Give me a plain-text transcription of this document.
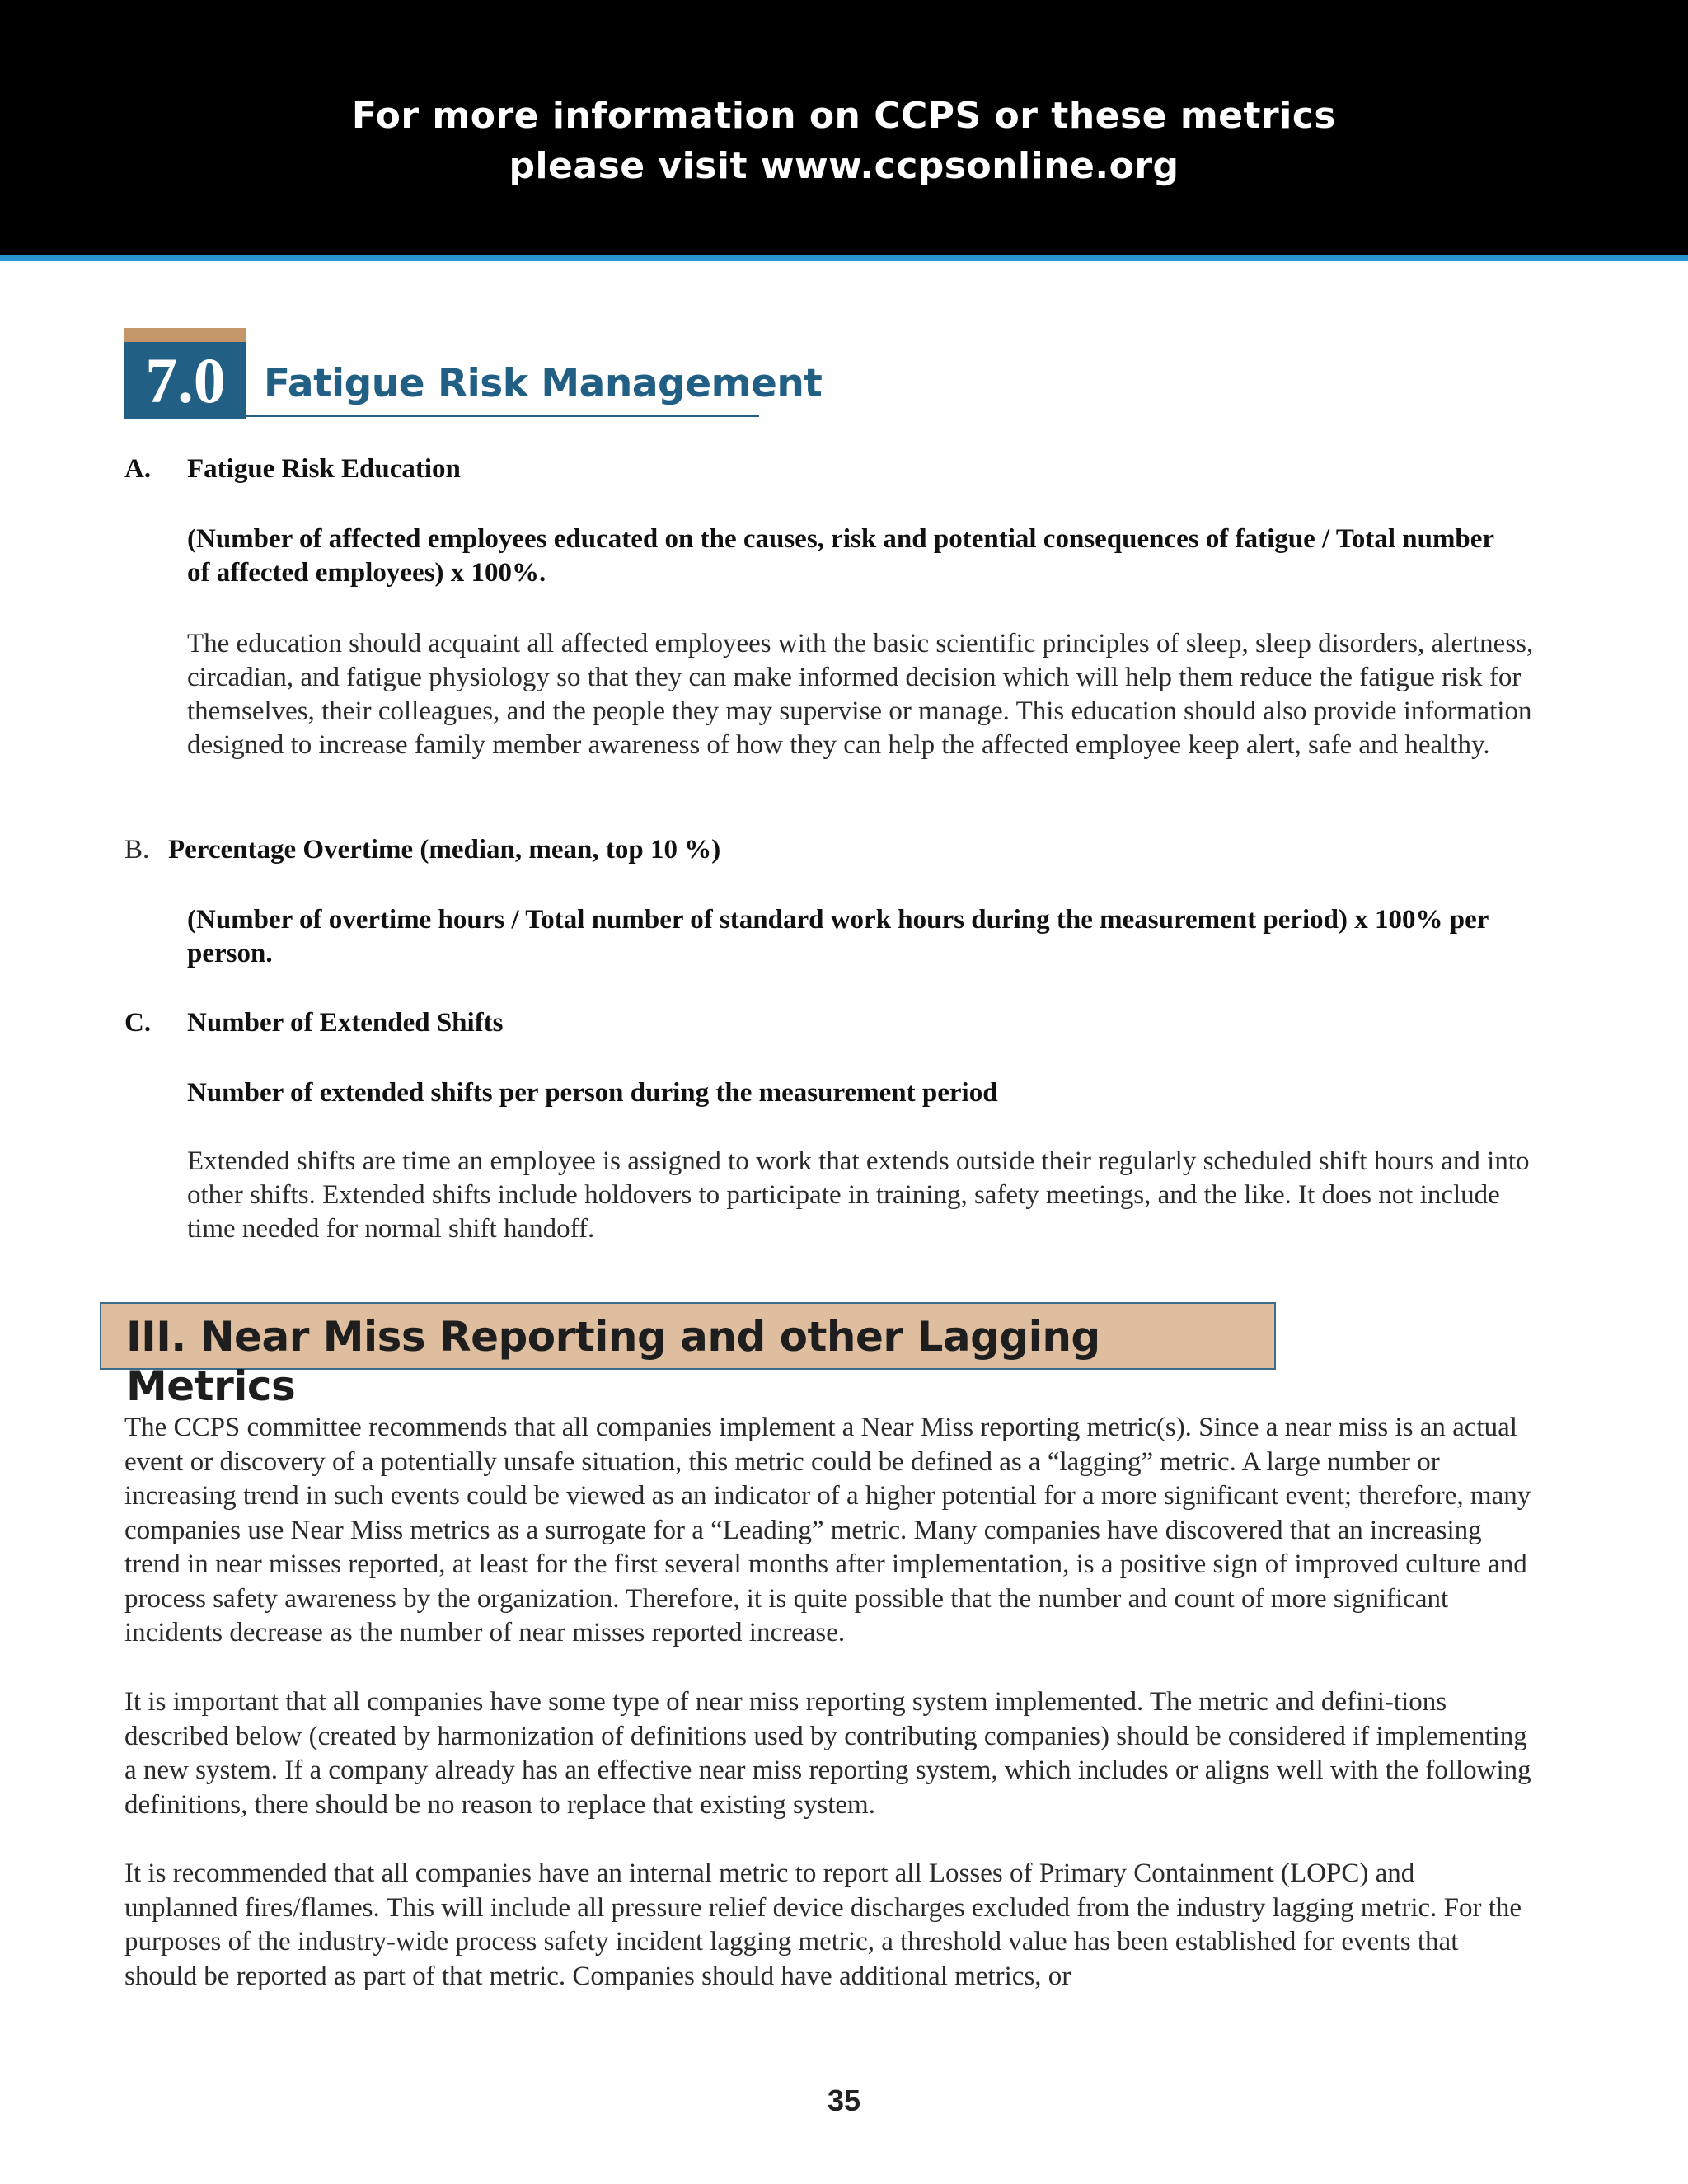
For more information on CCPS or these metrics
please visit www.ccpsonline.org
7.0 Fatigue Risk Management
A. Fatigue Risk Education

(Number of affected employees educated on the causes, risk and potential consequences of fatigue / Total number of affected employees) x 100%.

The education should acquaint all affected employees with the basic scientific principles of sleep, sleep disorders, alertness, circadian, and fatigue physiology so that they can make informed decision which will help them reduce the fatigue risk for themselves, their colleagues, and the people they may supervise or manage. This education should also provide information designed to increase family member awareness of how they can help the affected employee keep alert, safe and healthy.

B. Percentage Overtime (median, mean, top 10 %)

(Number of overtime hours / Total number of standard work hours during the measurement period) x 100% per person.

C. Number of Extended Shifts

Number of extended shifts per person during the measurement period

Extended shifts are time an employee is assigned to work that extends outside their regularly scheduled shift hours and into other shifts. Extended shifts include holdovers to participate in training, safety meetings, and the like. It does not include time needed for normal shift handoff.

III. Near Miss Reporting and other Lagging Metrics

The CCPS committee recommends that all companies implement a Near Miss reporting metric(s). Since a near miss is an actual event or discovery of a potentially unsafe situation, this metric could be defined as a “lagging” metric. A large number or increasing trend in such events could be viewed as an indicator of a higher potential for a more significant event; therefore, many companies use Near Miss metrics as a surrogate for a “Leading” metric. Many companies have discovered that an increasing trend in near misses reported, at least for the first several months after implementation, is a positive sign of improved culture and process safety awareness by the organization. Therefore, it is quite possible that the number and count of more significant incidents decrease as the number of near misses reported increase.

It is important that all companies have some type of near miss reporting system implemented. The metric and defini-tions described below (created by harmonization of definitions used by contributing companies) should be considered if implementing a new system. If a company already has an effective near miss reporting system, which includes or aligns well with the following definitions, there should be no reason to replace that existing system.

It is recommended that all companies have an internal metric to report all Losses of Primary Containment (LOPC) and unplanned fires/flames. This will include all pressure relief device discharges excluded from the industry lagging metric. For the purposes of the industry-wide process safety incident lagging metric, a threshold value has been established for events that should be reported as part of that metric. Companies should have additional metrics, or

35
